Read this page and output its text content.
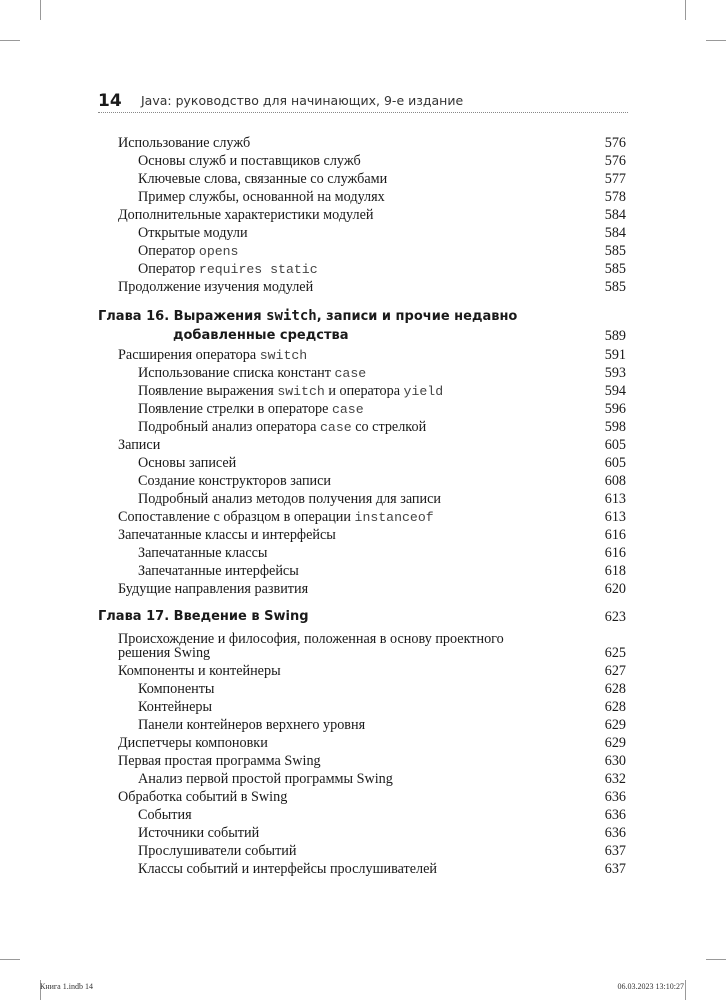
14 Java: руководство для начинающих, 9-е издание
Использование служб	576
Основы служб и поставщиков служб	576
Ключевые слова, связанные со службами	577
Пример службы, основанной на модулях	578
Дополнительные характеристики модулей	584
Открытые модули	584
Оператор opens	585
Оператор requires static	585
Продолжение изучения модулей	585
Глава 16. Выражения switch, записи и прочие недавно
добавленные средства	589
Расширения оператора switch	591
Использование списка констант case	593
Появление выражения switch и оператора yield	594
Появление стрелки в операторе case	596
Подробный анализ оператора case со стрелкой	598
Записи	605
Основы записей	605
Создание конструкторов записи	608
Подробный анализ методов получения для записи	613
Сопоставление с образцом в операции instanceof	613
Запечатанные классы и интерфейсы	616
Запечатанные классы	616
Запечатанные интерфейсы	618
Будущие направления развития	620
Глава 17. Введение в Swing	623
Происхождение и философия, положенная в основу проектного
решения Swing	625
Компоненты и контейнеры	627
Компоненты	628
Контейнеры	628
Панели контейнеров верхнего уровня	629
Диспетчеры компоновки	629
Первая простая программа Swing	630
Анализ первой простой программы Swing	632
Обработка событий в Swing	636
События	636
Источники событий	636
Прослушиватели событий	637
Классы событий и интерфейсы прослушивателей	637
Книга 1.indb 14	06.03.2023 13:10:27
